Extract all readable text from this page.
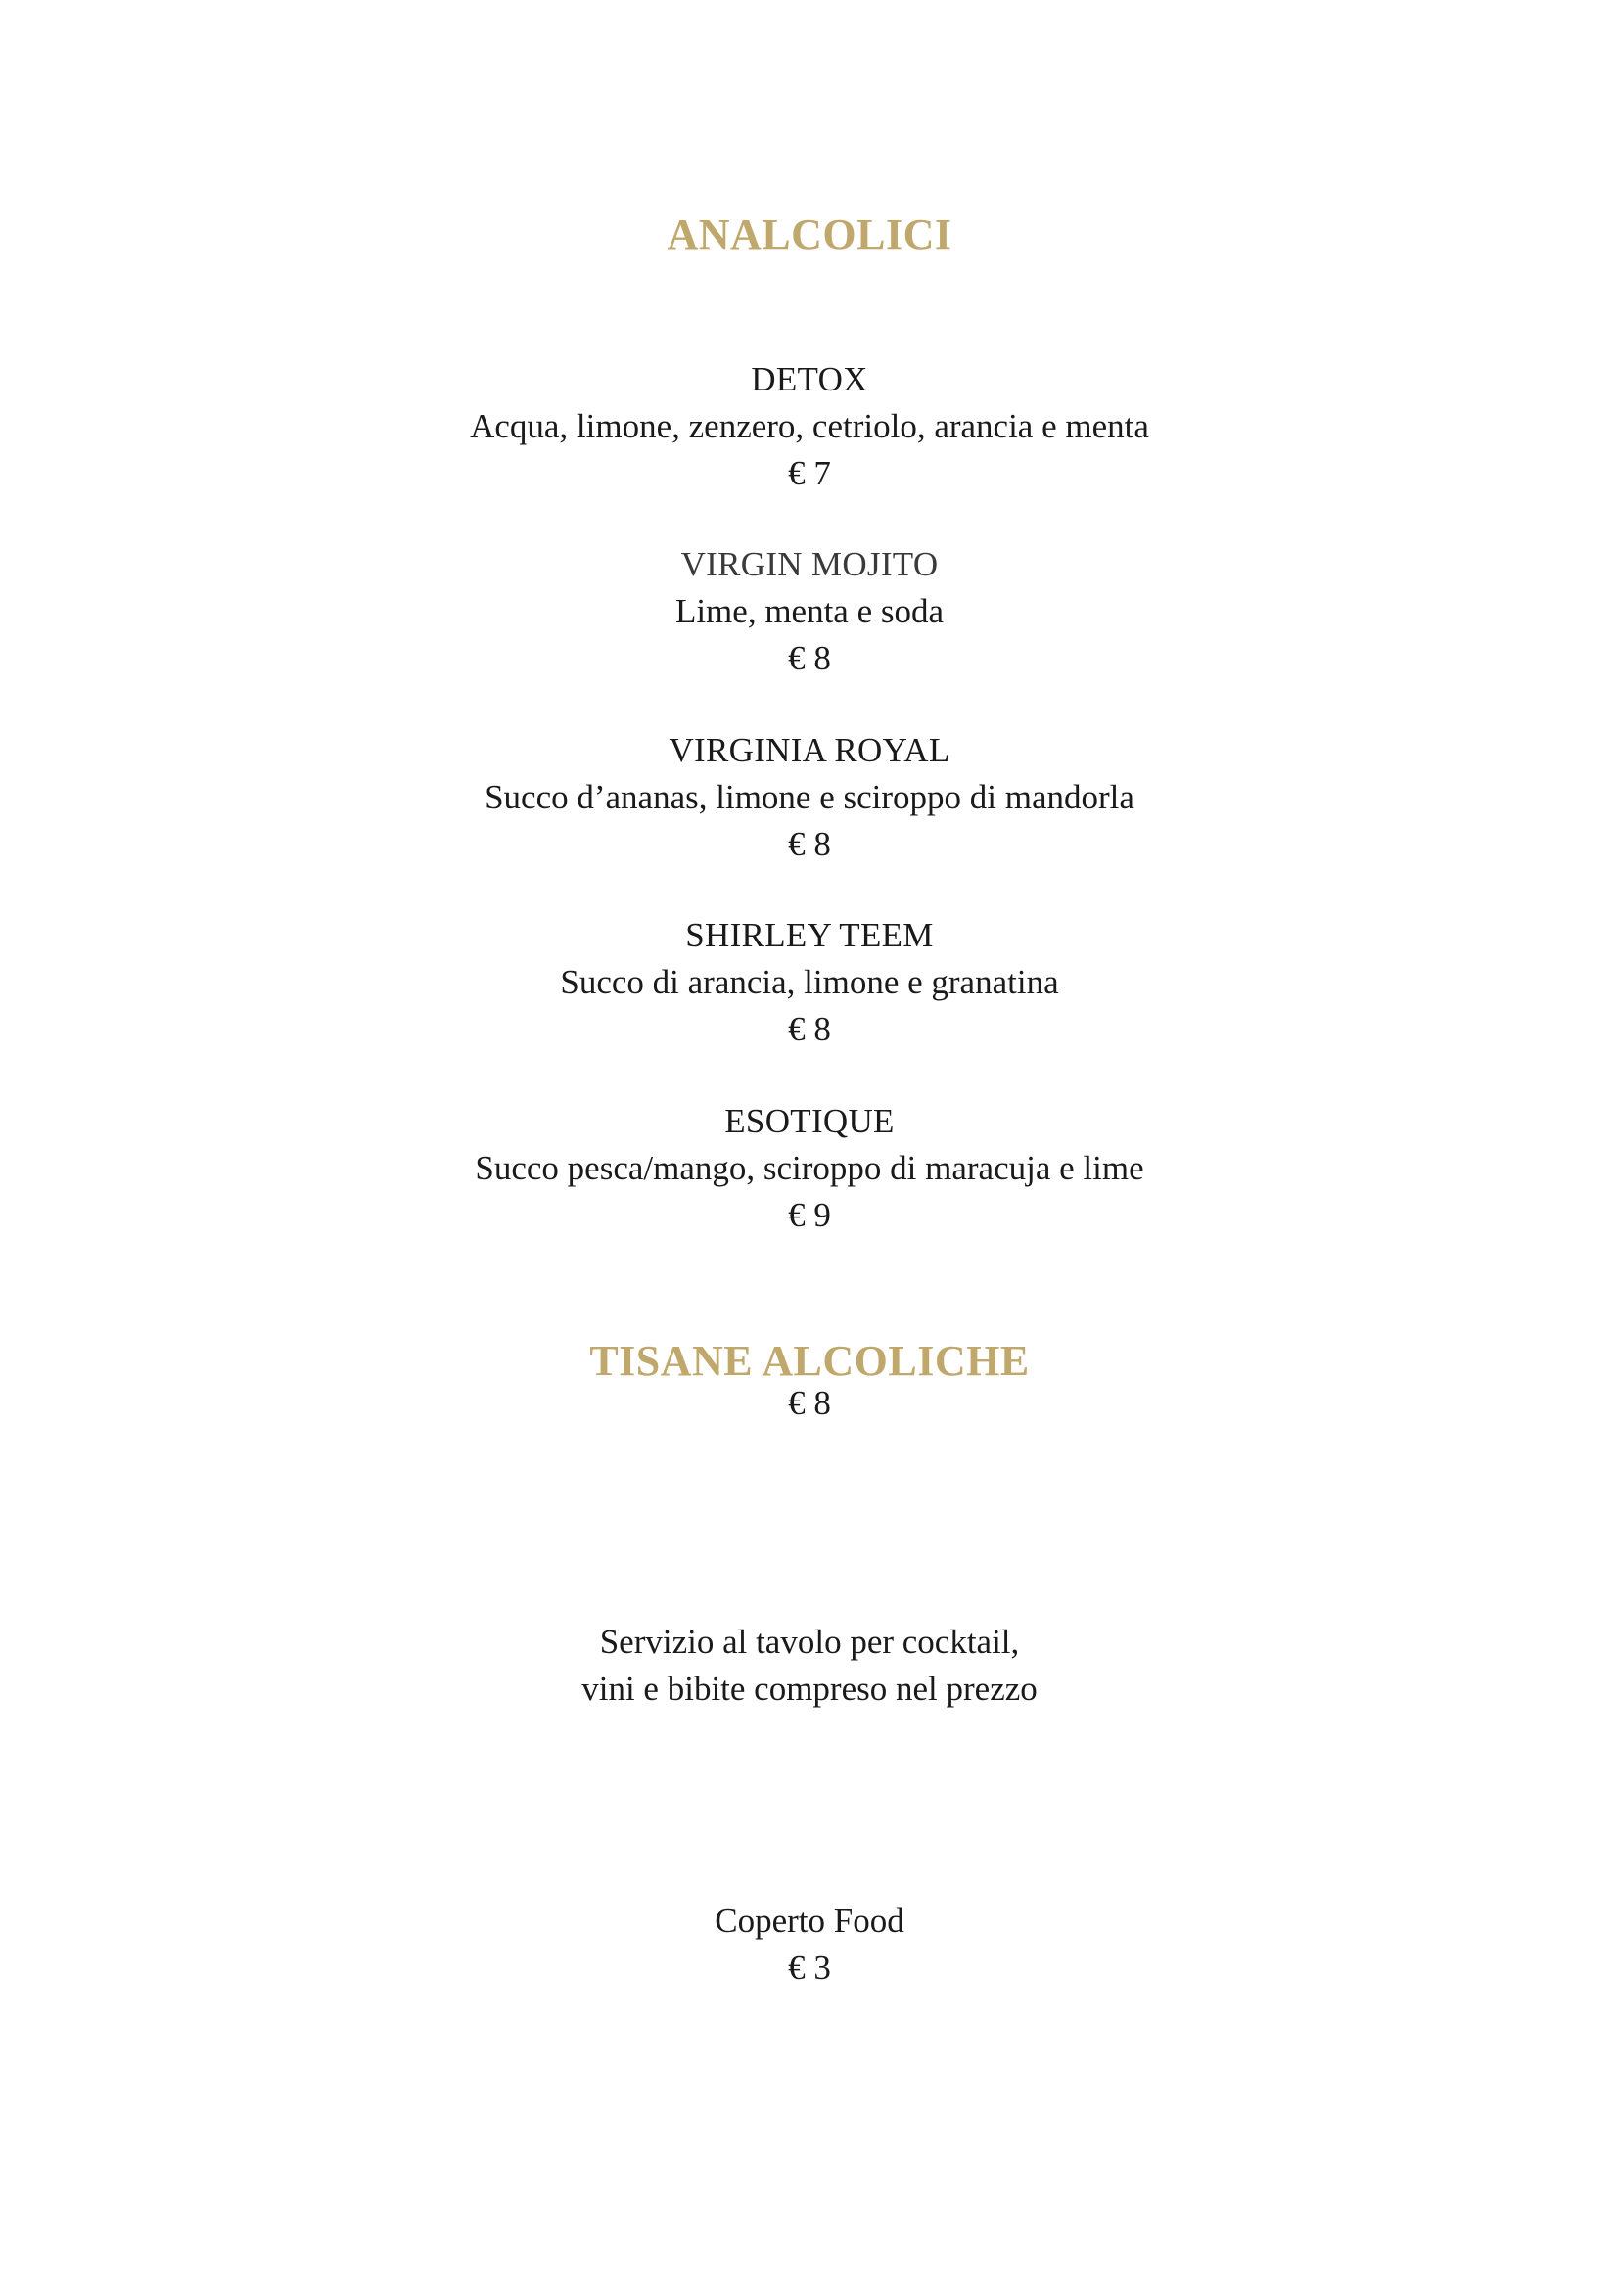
ANALCOLICI

DETOX

Acqua, limone, zenzero, cetriolo, arancia e menta

€ 7

VIRGIN MOJITO

Lime, menta e soda

€ 8

VIRGINIA ROYAL

Succo d’ananas, limone e sciroppo di mandorla

€ 8

SHIRLEY TEEM

Succo di arancia, limone e granatina

€ 8

ESOTIQUE

Succo pesca/mango, sciroppo di maracuja e lime

€ 9

TISANE ALCOLICHE

€ 8

Servizio al tavolo per cocktail,

vini e bibite compreso nel prezzo

Coperto Food

€ 3
